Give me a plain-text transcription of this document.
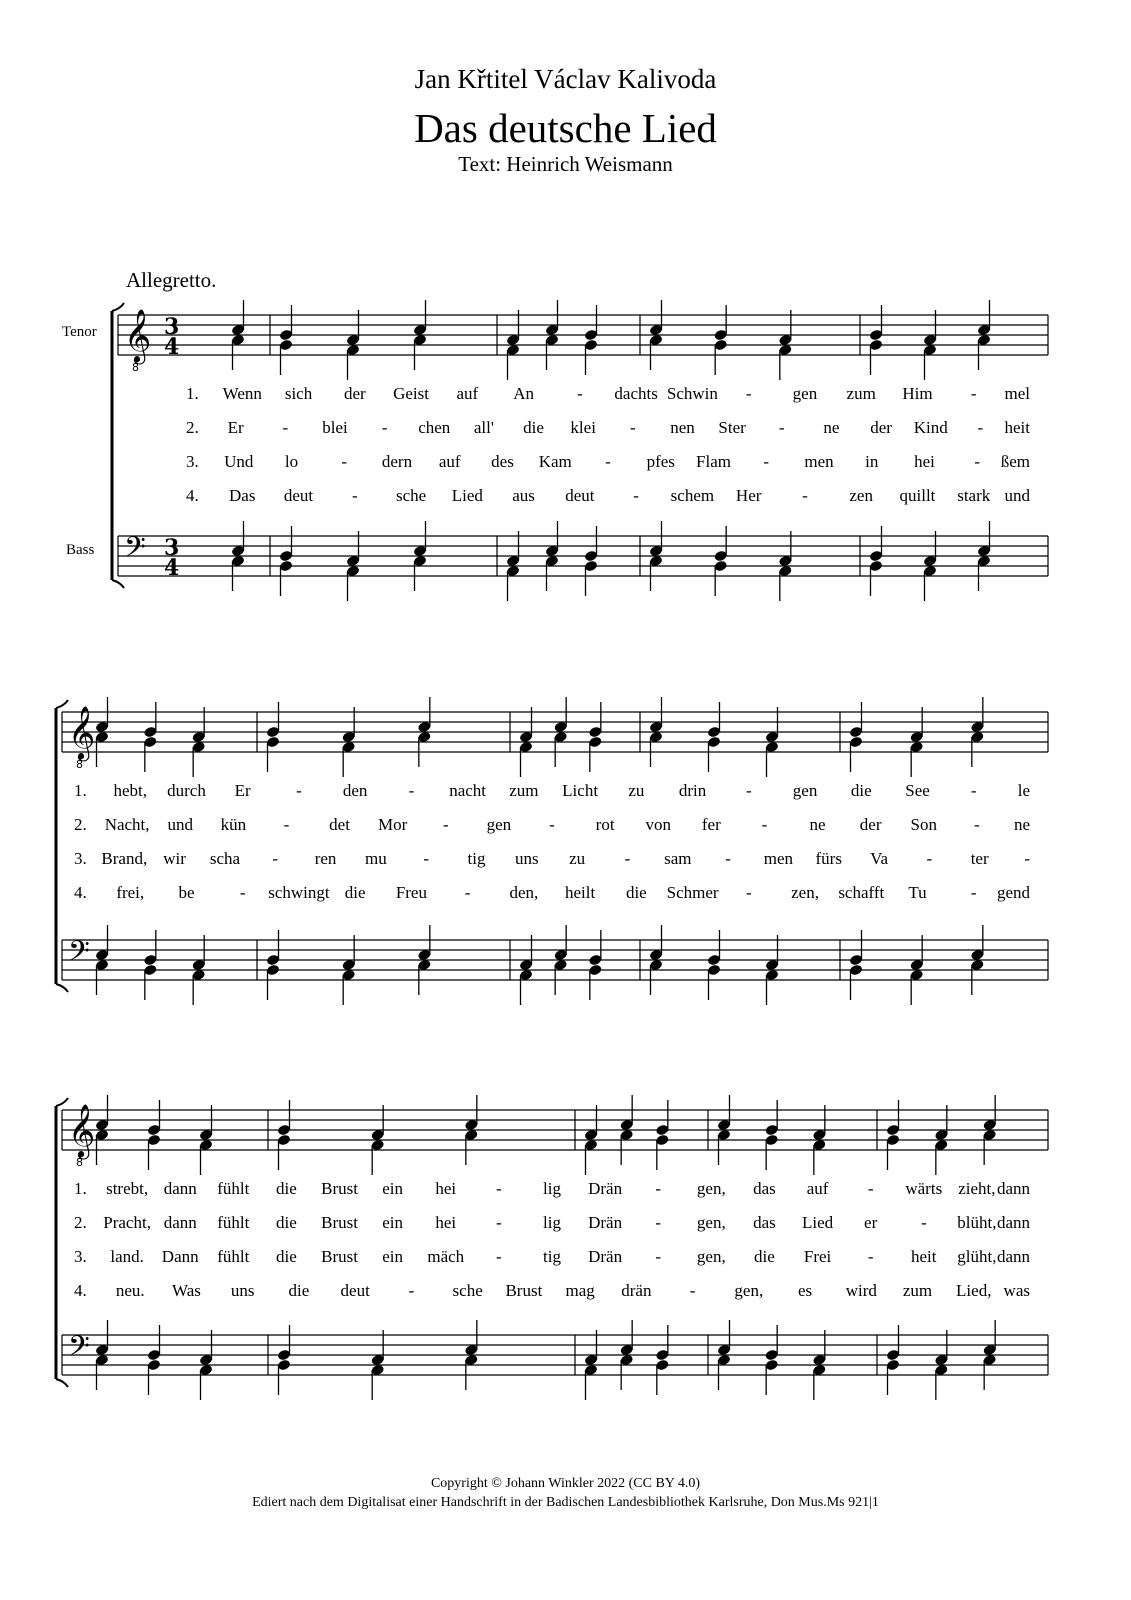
Jan Křtitel Václav Kalivoda
Das deutsche Lied
Text: Heinrich Weismann
Allegretto.
Tenor
Bass
𝄞
8
3
4
𝄢 3
4
1. Wenn sich der Geist auf An	- dachts Schwin - gen zum Him - mel
2. Er - blei - chen all' die klei - nen Ster - ne der Kind - heit
3. Und lo	- dern auf des Kam - pfes Flam - men in hei - ßem
4. Das deut - sche Lied aus deut - schem Her - zen quillt stark und
𝄞
8
𝄢
1. hebt, durch Er	- den - nacht zum Licht zu drin - gen die See - le
2. Nacht, und kün - det Mor - gen - rot von fer - ne der Son - ne
3. Brand, wir scha - ren mu - tig uns zu - sam - men fürs Va - ter -
4. frei, be	- schwingt die Freu - den, heilt die Schmer - zen, schafft Tu	- gend
𝄞
8
𝄢
1. strebt, dann fühlt die Brust ein hei - lig Drän - gen, das auf - wärts zieht, dann
2. Pracht, dann fühlt die Brust ein hei - lig Drän - gen, das Lied er	- blüht, dann
3. land. Dann fühlt die Brust ein mäch - tig Drän - gen, die Frei - heit glüht, dann
4. neu. Was uns die deut - sche Brust mag drän - gen, es wird zum Lied, was
Copyright © Johann Winkler 2022 (CC BY 4.0)
Ediert nach dem Digitalisat einer Handschrift in der Badischen Landesbibliothek Karlsruhe, Don Mus.Ms 921|1
